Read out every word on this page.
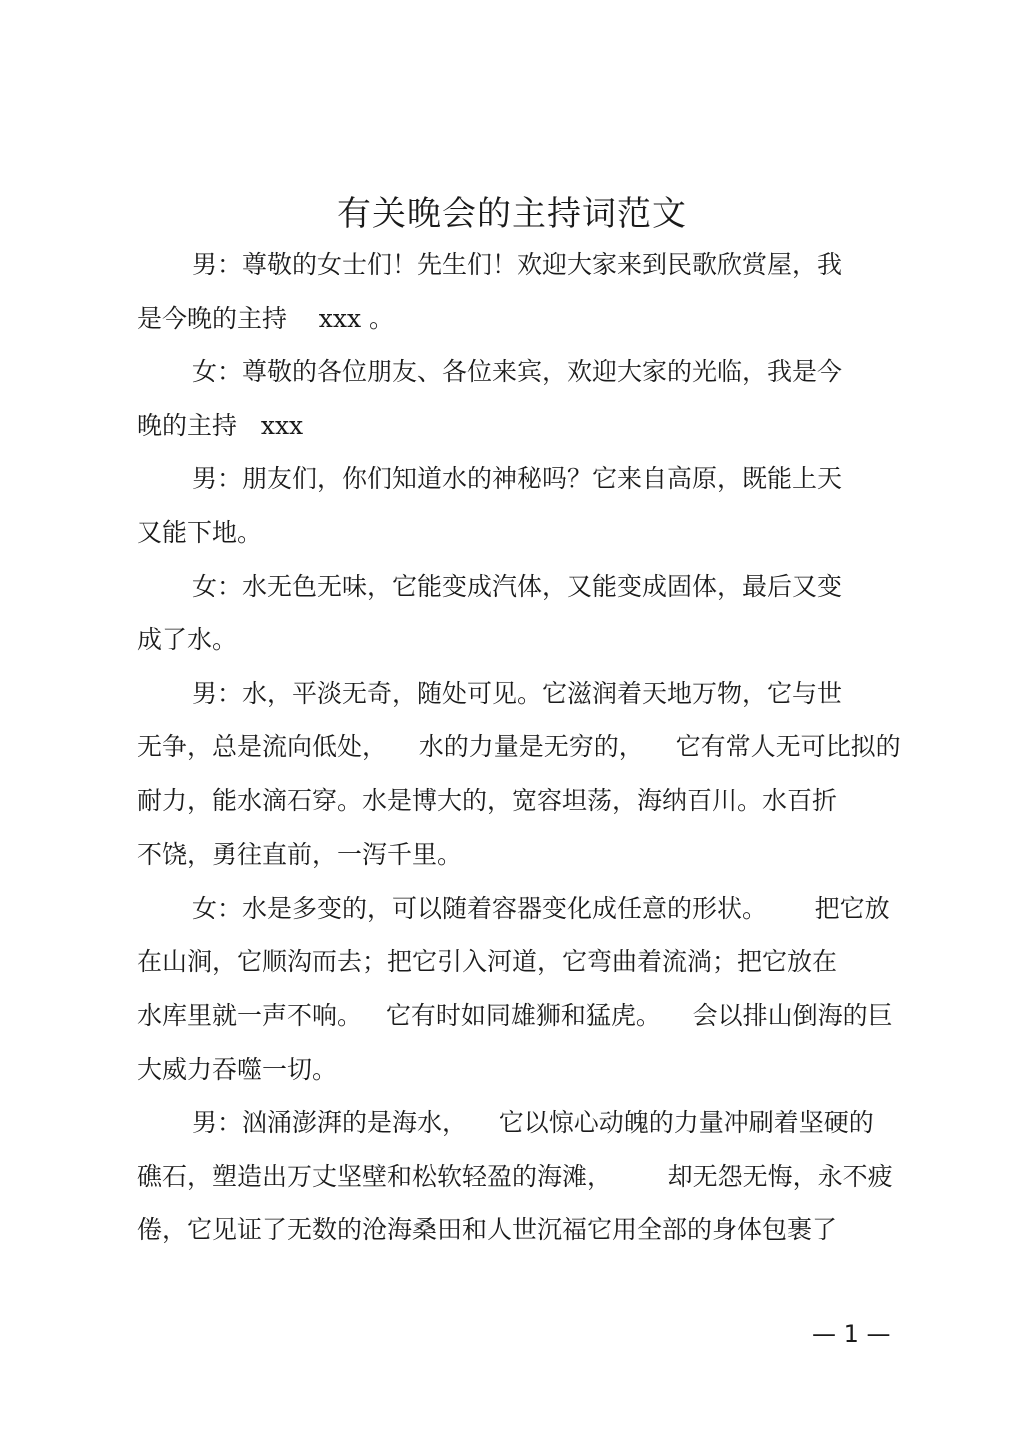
有关晚会的主持词范文

男：尊敬的女士们！先生们！欢迎大家来到民歌欣赏屋，我

是今晚的主持    xxx 。

女：尊敬的各位朋友、各位来宾，欢迎大家的光临，我是今

晚的主持   xxx

男：朋友们，你们知道水的神秘吗？它来自高原，既能上天

又能下地。

女：水无色无味，它能变成汽体，又能变成固体，最后又变

成了水。

男：水，平淡无奇，随处可见。它滋润着天地万物，它与世

无争，总是流向低处，    水的力量是无穷的，    它有常人无可比拟的

耐力，能水滴石穿。水是博大的，宽容坦荡，海纳百川。水百折

不饶，勇往直前，一泻千里。

女：水是多变的，可以随着容器变化成任意的形状。      把它放

在山涧，它顺沟而去；把它引入河道，它弯曲着流淌；把它放在

水库里就一声不响。   它有时如同雄狮和猛虎。    会以排山倒海的巨

大威力吞噬一切。

男：汹涌澎湃的是海水，    它以惊心动魄的力量冲刷着坚硬的

礁石，塑造出万丈坚壁和松软轻盈的海滩，       却无怨无悔，永不疲

倦，它见证了无数的沧海桑田和人世沉福它用全部的身体包裹了

— 1 —
